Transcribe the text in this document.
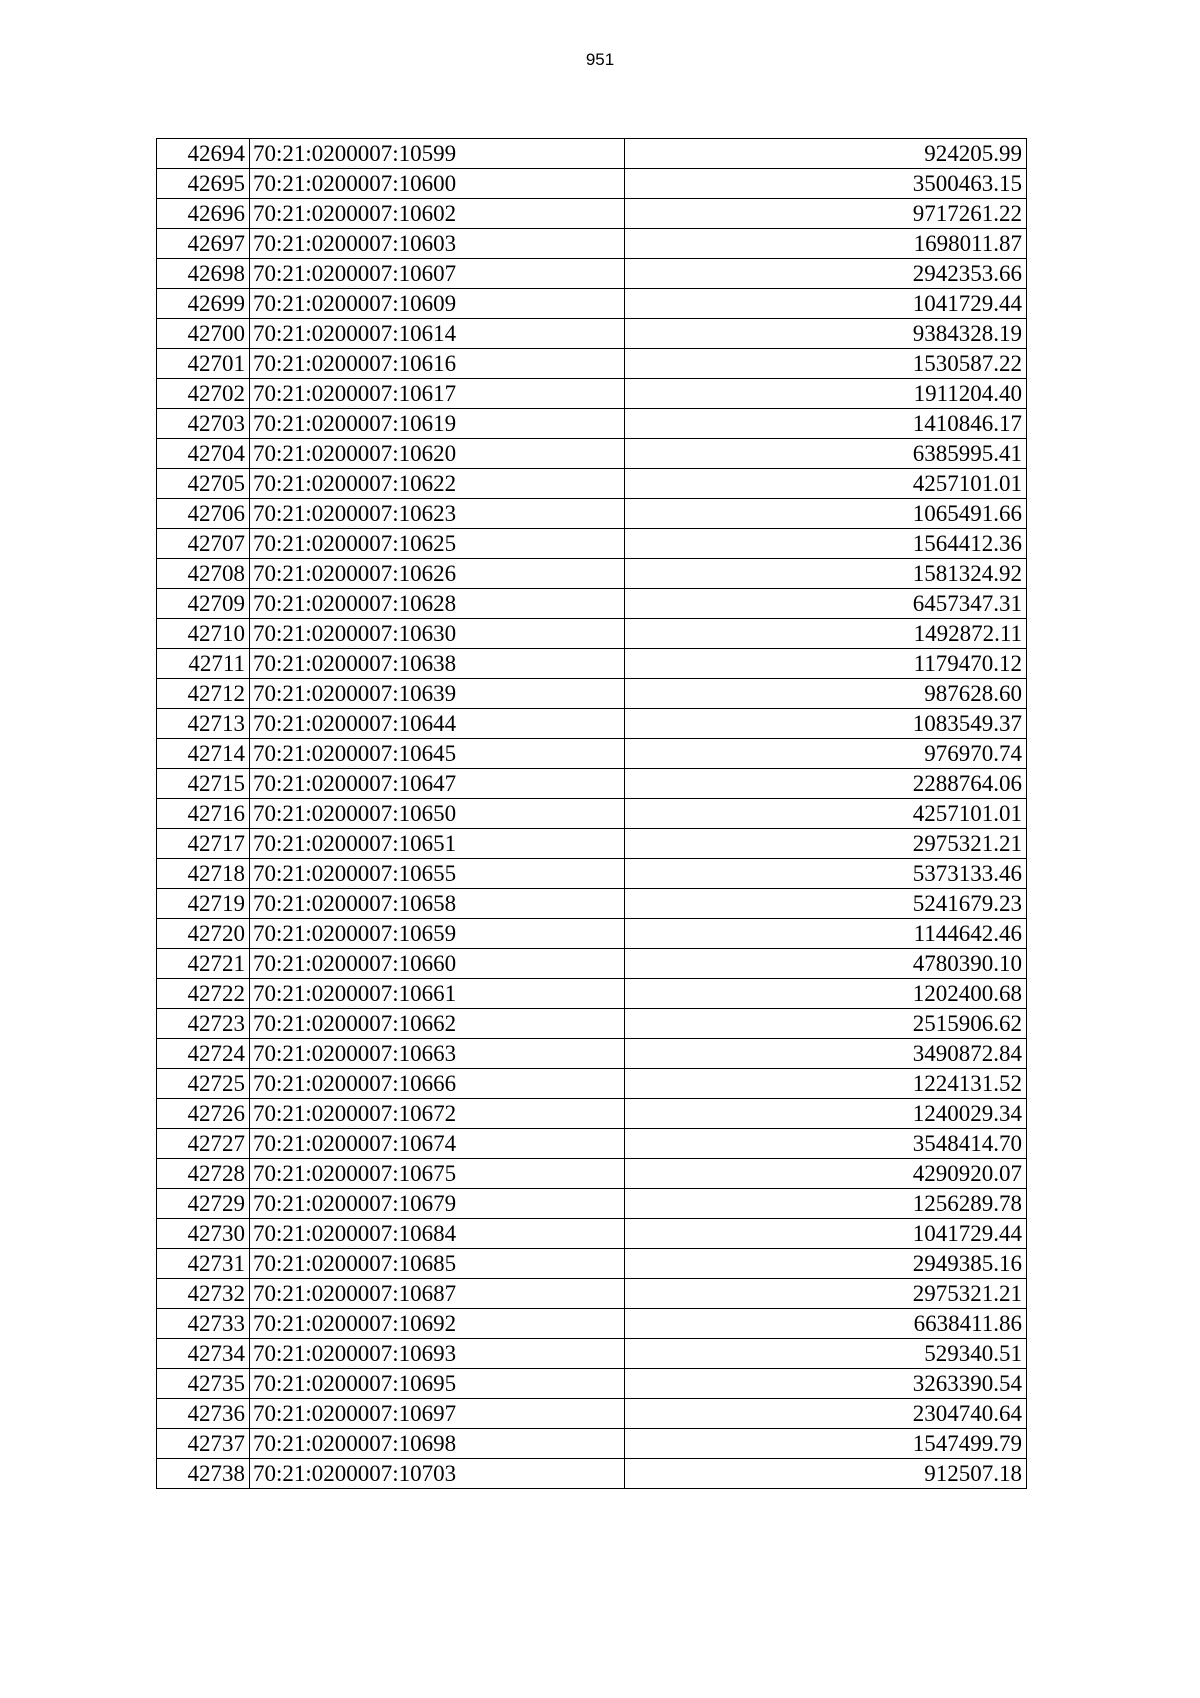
951
42694	70:21:0200007:10599	924205.99
42695	70:21:0200007:10600	3500463.15
42696	70:21:0200007:10602	9717261.22
42697	70:21:0200007:10603	1698011.87
42698	70:21:0200007:10607	2942353.66
42699	70:21:0200007:10609	1041729.44
42700	70:21:0200007:10614	9384328.19
42701	70:21:0200007:10616	1530587.22
42702	70:21:0200007:10617	1911204.40
42703	70:21:0200007:10619	1410846.17
42704	70:21:0200007:10620	6385995.41
42705	70:21:0200007:10622	4257101.01
42706	70:21:0200007:10623	1065491.66
42707	70:21:0200007:10625	1564412.36
42708	70:21:0200007:10626	1581324.92
42709	70:21:0200007:10628	6457347.31
42710	70:21:0200007:10630	1492872.11
42711	70:21:0200007:10638	1179470.12
42712	70:21:0200007:10639	987628.60
42713	70:21:0200007:10644	1083549.37
42714	70:21:0200007:10645	976970.74
42715	70:21:0200007:10647	2288764.06
42716	70:21:0200007:10650	4257101.01
42717	70:21:0200007:10651	2975321.21
42718	70:21:0200007:10655	5373133.46
42719	70:21:0200007:10658	5241679.23
42720	70:21:0200007:10659	1144642.46
42721	70:21:0200007:10660	4780390.10
42722	70:21:0200007:10661	1202400.68
42723	70:21:0200007:10662	2515906.62
42724	70:21:0200007:10663	3490872.84
42725	70:21:0200007:10666	1224131.52
42726	70:21:0200007:10672	1240029.34
42727	70:21:0200007:10674	3548414.70
42728	70:21:0200007:10675	4290920.07
42729	70:21:0200007:10679	1256289.78
42730	70:21:0200007:10684	1041729.44
42731	70:21:0200007:10685	2949385.16
42732	70:21:0200007:10687	2975321.21
42733	70:21:0200007:10692	6638411.86
42734	70:21:0200007:10693	529340.51
42735	70:21:0200007:10695	3263390.54
42736	70:21:0200007:10697	2304740.64
42737	70:21:0200007:10698	1547499.79
42738	70:21:0200007:10703	912507.18
